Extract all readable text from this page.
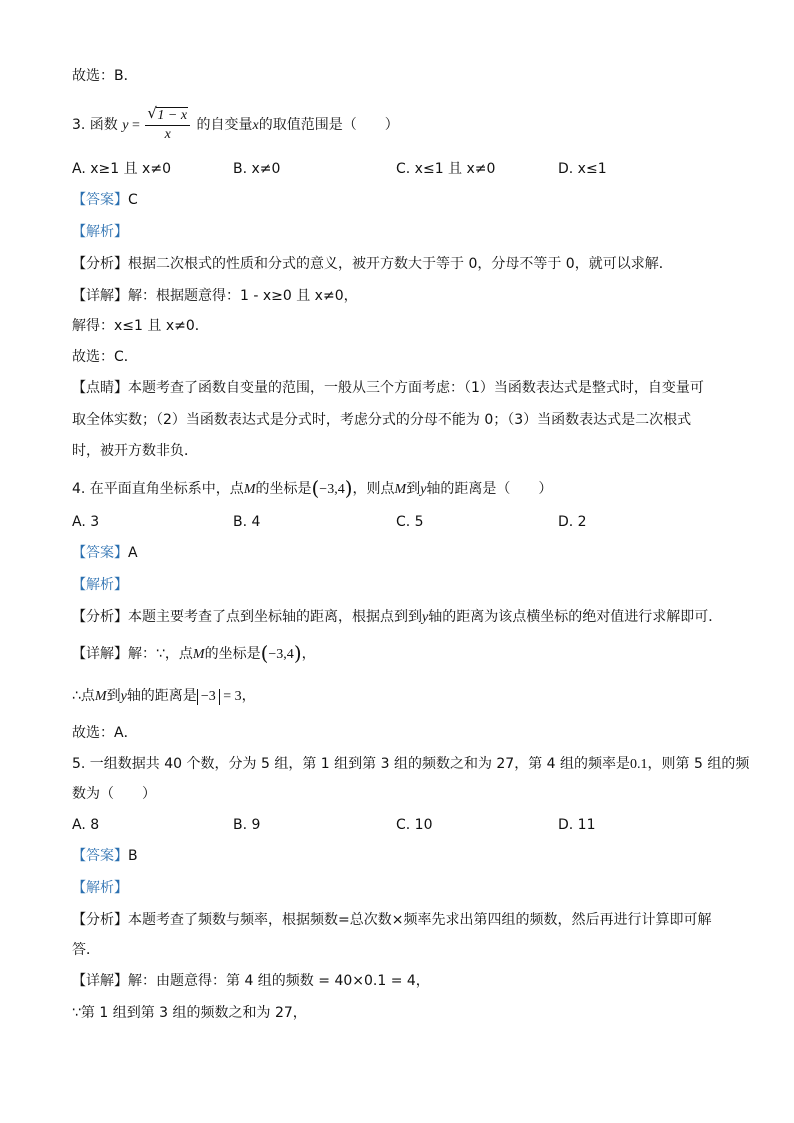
故选：B．
3. 函数 $y = \frac{√ 1 - x}{x}$ 的自变量x的取值范围是（　　）
A. x≥1 且 x≠0	B. x≠0	C. x≤1 且 x≠0	D. x≤1
【答案】C
【解析】
【分析】根据二次根式的性质和分式的意义，被开方数大于等于 0，分母不等于 0，就可以求解．
【详解】解：根据题意得：1 - x≥0 且 x≠0，
解得：x≤1 且 x≠0．
故选：C．
【点睛】本题考查了函数自变量的范围，一般从三个方面考虑：（1）当函数表达式是整式时，自变量可
取全体实数；（2）当函数表达式是分式时，考虑分式的分母不能为 0；（3）当函数表达式是二次根式
时，被开方数非负．
4. 在平面直角坐标系中，点M的坐标是(−3,4)，则点M到y轴的距离是（　　）
A. 3	B. 4	C. 5	D. 2
【答案】A
【解析】
【分析】本题主要考查了点到坐标轴的距离，根据点到到y轴的距离为该点横坐标的绝对值进行求解即可．
【详解】解：∵，点M的坐标是(−3,4)，
∴点M到y轴的距离是 −3 = 3，
故选：A．
5. 一组数据共 40 个数，分为 5 组，第 1 组到第 3 组的频数之和为 27，第 4 组的频率是0.1，则第 5 组的频
数为（　　）
A. 8	B. 9	C. 10	D. 11
【答案】B
【解析】
【分析】本题考查了频数与频率，根据频数=总次数×频率先求出第四组的频数，然后再进行计算即可解
答．
【详解】解：由题意得：第 4 组的频数 = 40×0.1 = 4，
∵第 1 组到第 3 组的频数之和为 27，
